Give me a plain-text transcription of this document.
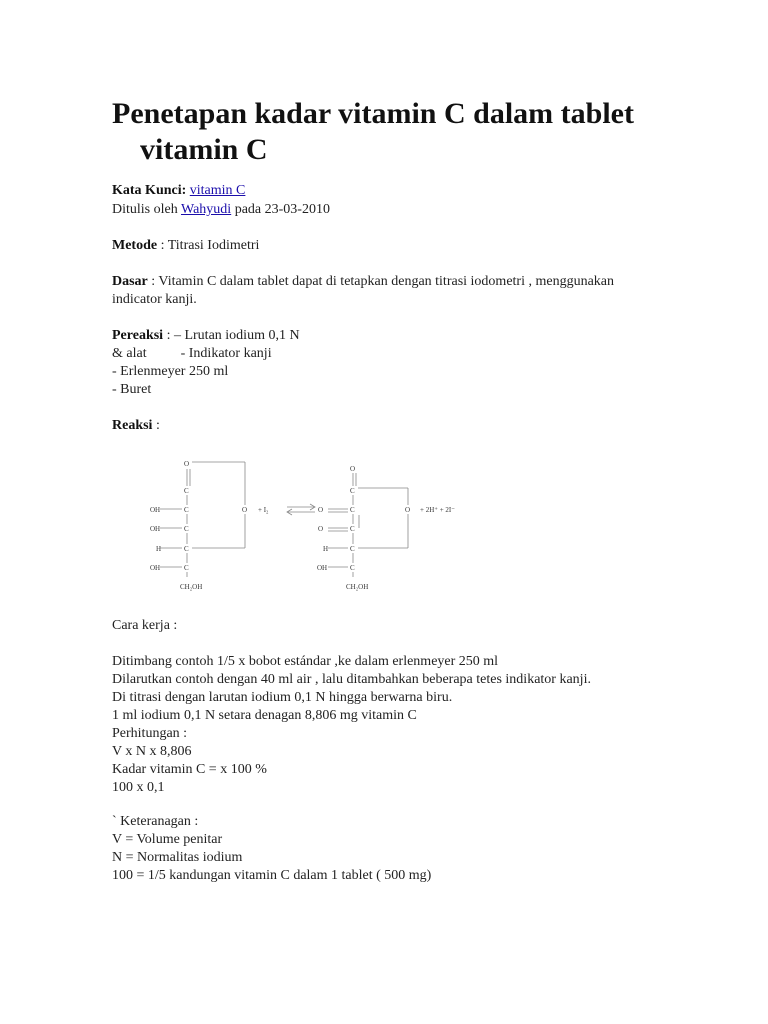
Penetapan kadar vitamin C dalam tablet vitamin C
Kata Kunci: vitamin C
Ditulis oleh Wahyudi pada 23-03-2010
Metode : Titrasi Iodimetri
Dasar : Vitamin C dalam tablet dapat di tetapkan dengan titrasi iodometri , menggunakan
indicator kanji.
Pereaksi : – Lrutan iodium 0,1 N
& alat - Indikator kanji
- Erlenmeyer 250 ml
- Buret
Reaksi :
O
C
OH	C
OH	C
H	C
OH	C
CH₂OH
O + I₂
O
C
O	C
O	C
H	C
OH	C
CH₂OH
O + 2H⁺ + 2I⁻
Cara kerja :
Ditimbang contoh 1/5 x bobot estándar ,ke dalam erlenmeyer 250 ml
Dilarutkan contoh dengan 40 ml air , lalu ditambahkan beberapa tetes indikator kanji.
Di titrasi dengan larutan iodium 0,1 N hingga berwarna biru.
1 ml iodium 0,1 N setara denagan 8,806 mg vitamin C
Perhitungan :
V x N x 8,806
Kadar vitamin C = x 100 %
100 x 0,1
` Keteranagan :
V = Volume penitar
N = Normalitas iodium
100 = 1/5 kandungan vitamin C dalam 1 tablet ( 500 mg)
